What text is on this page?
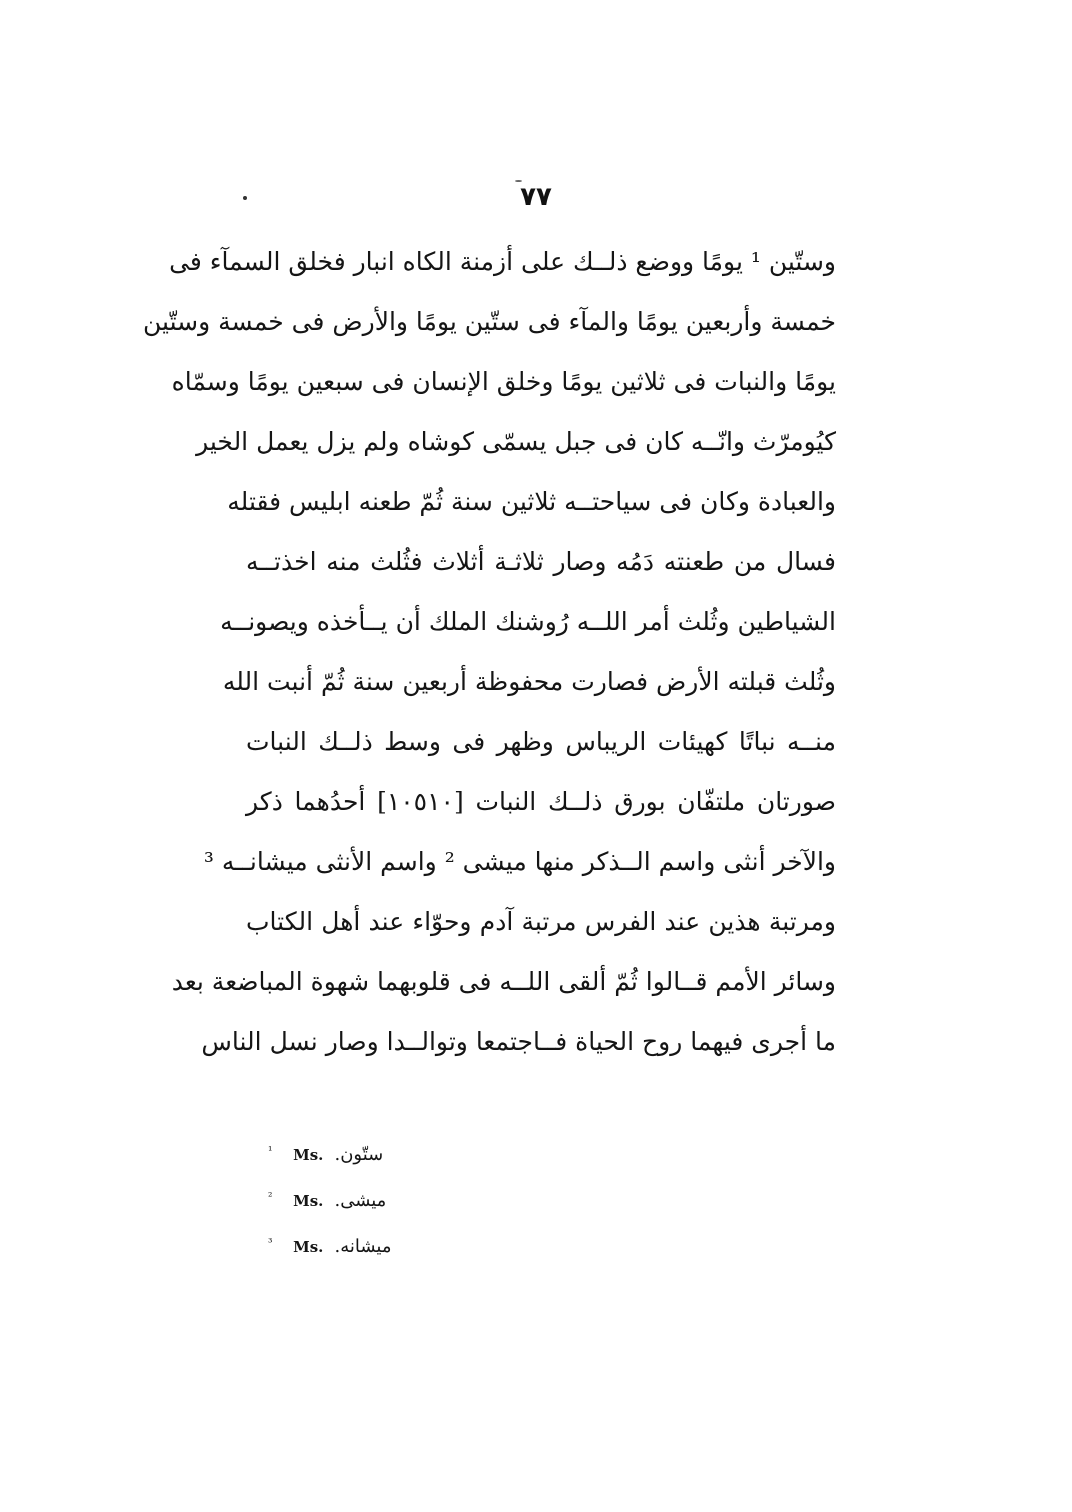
٧٧
وستّين ¹ يومًا ووضع ذلــك على أزمنة الكاه انبار فخلق السمآء فى
خمسة وأربعين يومًا والمآء فى ستّين يومًا والأرض فى خمسة وستّين
يومًا والنبات فى ثلاثين يومًا وخلق الإنسان فى سبعين يومًا وسمّاه
كيُومرّث وانّــه كان فى جبل يسمّى كوشاه ولم يزل يعمل الخير
والعبادة وكان فى سياحتــه ثلاثين سنة ثُمّ طعنه ابليس فقتله
فسال من طعنته دَمُه وصار ثلاثـة أثلاث فثُلث منه اخذتــه
الشياطين وثُلث أمر اللــه رُوشنك الملك أن يــأخذه ويصونــه
وثُلث قبلته الأرض فصارت محفوظة أربعين سنة ثُمّ أنبت الله
منــه نباتًا كهيئات الريباس وظهر فى وسط ذلــك النبات
صورتان ملتفّان بورق ذلــك النبات [١٠٥١٠] أحدُهما ذكر
والآخر أنثى واسم الــذكر منها ميشى ² واسم الأنثى ميشانــه ³
ومرتبة هذين عند الفرس مرتبة آدم وحوّاء عند أهل الكتاب
وسائر الأمم قــالوا ثُمّ ألقى اللــه فى قلوبهما شهوة المباضعة بعد
ما أجرى فيهما روح الحياة فــاجتمعا وتوالــدا وصار نسل الناس
¹ Ms. ستّون.
² Ms. ميشى.
³ Ms. ميشانه.
